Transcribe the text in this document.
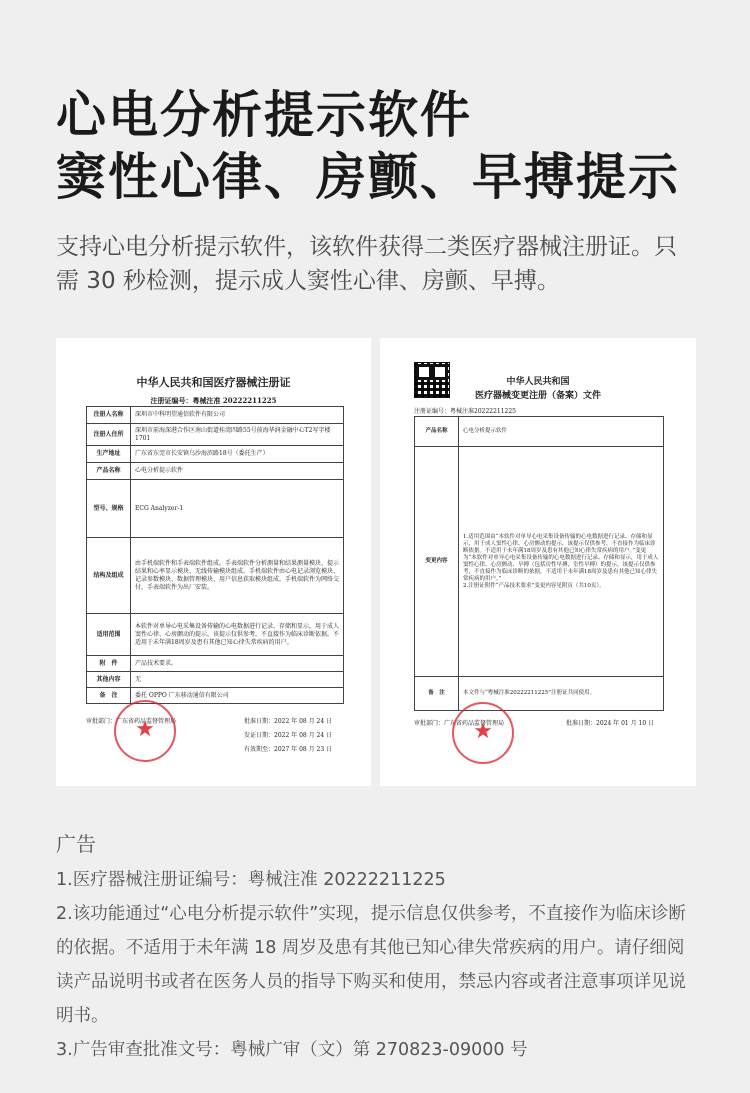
心电分析提示软件
窦性心律、房颤、早搏提示
支持心电分析提示软件，该软件获得二类医疗器械注册证。只需 30 秒检测，提示成人窦性心律、房颤、早搏。
中华人民共和国医疗器械注册证
注册证编号：粤械注准 20222211225
注册人名称	深圳市中科明望通信软件有限公司
注册人住所	深圳市前海深港合作区南山街道桂湾四路55号前海华润金融中心T2写字楼1701
生产地址	广东省东莞市长安镇乌沙海滨路18号（委托生产）
产品名称	心电分析提示软件
型号、规格	ECG Analyzer-1
结构及组成	由手机端软件和手表端软件组成。手表端软件分析测量和结果测量模块、提示结果和心率显示模块、无线传输模块组成。手机端软件由心电记录浏览模块、记录参数模块、数据管理模块、用户信息获取模块组成。手机端软件为网络交付，手表端软件为出厂安装。
适用范围	本软件对单导心电采集设备传输的心电数据进行记录、存储和显示，用于成人窦性心律、心房颤动的提示，该提示仅供参考，不直接作为临床诊断依据。不适用于未年满18周岁及患有其他已知心律失常疾病的用户。
附　件	产品技术要求。
其他内容	无
备　注	委托 OPPO 广东移动通信有限公司
审批部门：广东省药品监督管理局	批准日期：2022 年 08 月 24 日
发证日期：2022 年 08 月 24 日
有效期至：2027 年 08 月 23 日
★
中华人民共和国
医疗器械变更注册（备案）文件
注册证编号：粤械注准20222211225
产品名称	心电分析提示软件
变更内容	1.适用范围由“本软件对单导心电采集设备传输的心电数据进行记录、存储和显示，用于成人窦性心律、心房颤动的提示，该提示仅供参考，不直接作为临床诊断依据。不适用于未年满18周岁及患有其他已知心律失常疾病的用户。”变更为“本软件对单导心电采集设备传输的心电数据进行记录、存储和显示，用于成人窦性心律、心房颤动、早搏（包括房性早搏、室性早搏）的提示，该提示仅供参考，不直接作为临床诊断的依据，不适用于未年满18周岁及患有其他已知心律失常疾病的用户。”
2.注册证附件“产品技术要求”变更内容见附页（共10页）。
备　注	本文件与“粤械注准20222211225”注册证共同使用。
审批部门：广东省药品监督管理局	批准日期：2024 年 01 月 10 日
★
广告
1.医疗器械注册证编号：粤械注准 20222211225
2.该功能通过“心电分析提示软件”实现，提示信息仅供参考，不直接作为临床诊断的依据。不适用于未年满 18 周岁及患有其他已知心律失常疾病的用户。请仔细阅读产品说明书或者在医务人员的指导下购买和使用，禁忌内容或者注意事项详见说明书。
3.广告审查批准文号：粤械广审（文）第 270823-09000 号
